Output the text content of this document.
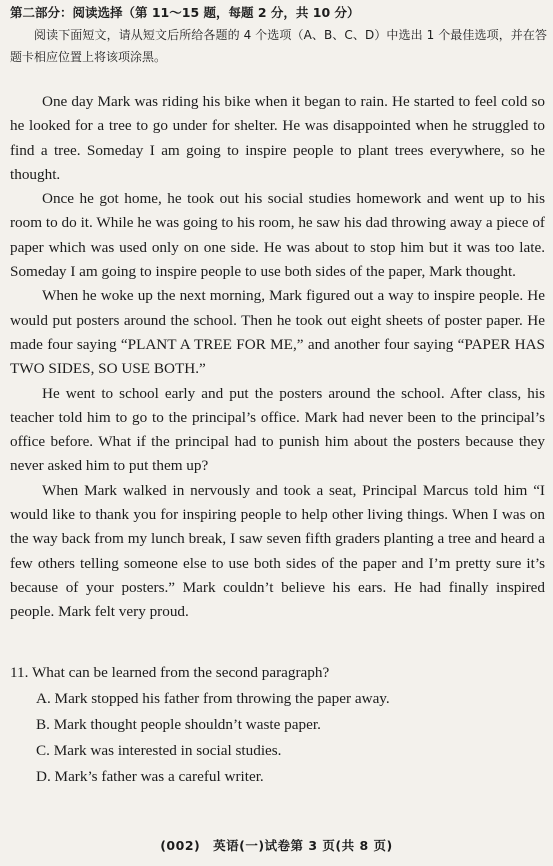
第二部分：阅读选择（第 11～15 题，每题 2 分，共 10 分）
阅读下面短文，请从短文后所给各题的 4 个选项（A、B、C、D）中选出 1 个最佳选项，并在答题卡相应位置上将该项涂黑。

One day Mark was riding his bike when it began to rain. He started to feel cold so he looked for a tree to go under for shelter. He was disappointed when he struggled to find a tree. Someday I am going to inspire people to plant trees everywhere, so he thought.

Once he got home, he took out his social studies homework and went up to his room to do it. While he was going to his room, he saw his dad throwing away a piece of paper which was used only on one side. He was about to stop him but it was too late. Someday I am going to inspire people to use both sides of the paper, Mark thought.

When he woke up the next morning, Mark figured out a way to inspire people. He would put posters around the school. Then he took out eight sheets of poster paper. He made four saying “PLANT A TREE FOR ME,” and another four saying “PAPER HAS TWO SIDES, SO USE BOTH.”

He went to school early and put the posters around the school. After class, his teacher told him to go to the principal’s office. Mark had never been to the principal’s office before. What if the principal had to punish him about the posters because they never asked him to put them up?

When Mark walked in nervously and took a seat, Principal Marcus told him “I would like to thank you for inspiring people to help other living things. When I was on the way back from my lunch break, I saw seven fifth graders planting a tree and heard a few others telling someone else to use both sides of the paper and I’m pretty sure it’s because of your posters.” Mark couldn’t believe his ears. He had finally inspired people. Mark felt very proud.

11. What can be learned from the second paragraph?

A. Mark stopped his father from throwing the paper away.

B. Mark thought people shouldn’t waste paper.

C. Mark was interested in social studies.

D. Mark’s father was a careful writer.

(002) 英语(一)试卷第 3 页(共 8 页)
